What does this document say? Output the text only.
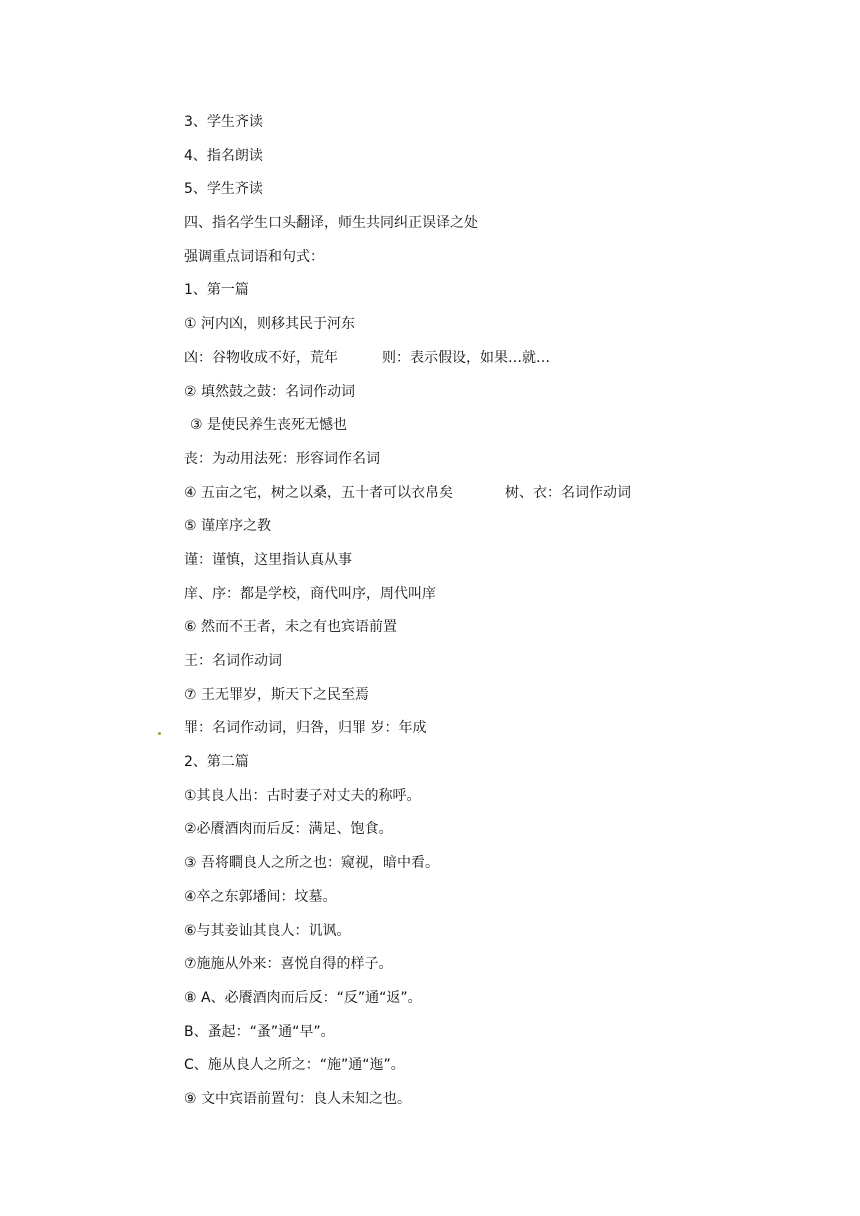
3、学生齐读
4、指名朗读
5、学生齐读
四、指名学生口头翻译，师生共同纠正误译之处
强调重点词语和句式：
1、第一篇
① 河内凶，则移其民于河东
凶：谷物收成不好，荒年	则：表示假设，如果…就…
② 填然鼓之鼓：名词作动词
③ 是使民养生丧死无憾也
丧：为动用法死：形容词作名词
④ 五亩之宅，树之以桑，五十者可以衣帛矣	树、衣：名词作动词
⑤ 谨庠序之教
谨：谨慎，这里指认真从事
庠、序：都是学校，商代叫序，周代叫庠
⑥ 然而不王者，未之有也宾语前置
王：名词作动词
⑦ 王无罪岁，斯天下之民至焉
罪：名词作动词，归咎，归罪 岁：年成
2、第二篇
①其良人出：古时妻子对丈夫的称呼。
②必餍酒肉而后反：满足、饱食。
③ 吾将瞷良人之所之也：窥视，暗中看。
④卒之东郭墦间：坟墓。
⑥与其妾讪其良人：讥讽。
⑦施施从外来：喜悦自得的样子。
⑧ A、必餍酒肉而后反：“反”通“返”。
B、蚤起：“蚤”通“早”。
C、施从良人之所之：“施”通“迤”。
⑨ 文中宾语前置句：良人未知之也。
